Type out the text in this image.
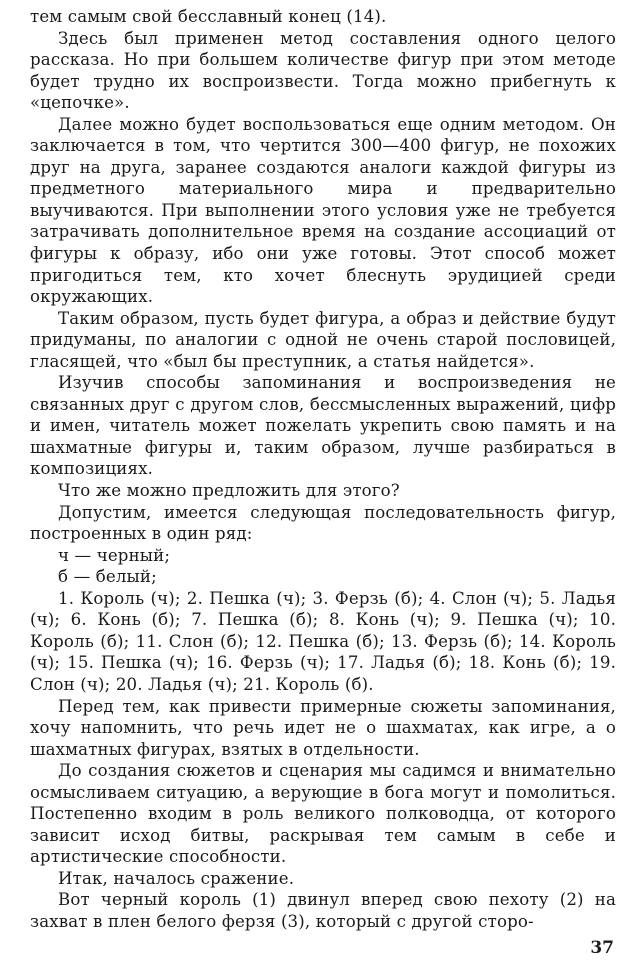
тем самым свой бесславный конец (14).

Здесь был применен метод составления одного целого рассказа. Но при большем количестве фигур при этом методе будет трудно их воспроизвести. Тогда можно прибегнуть к «цепочке».

Далее можно будет воспользоваться еще одним методом. Он заключается в том, что чертится 300—400 фигур, не похожих друг на друга, заранее создаются аналоги каждой фигуры из предметного материального мира и предварительно выучиваются. При выполнении этого условия уже не требуется затрачивать дополнительное время на создание ассоциаций от фигуры к образу, ибо они уже готовы. Этот способ может пригодиться тем, кто хочет блеснуть эрудицией среди окружающих.

Таким образом, пусть будет фигура, а образ и действие будут придуманы, по аналогии с одной не очень старой пословицей, гласящей, что «был бы преступник, а статья найдется».

Изучив способы запоминания и воспроизведения не связанных друг с другом слов, бессмысленных выражений, цифр и имен, читатель может пожелать укрепить свою память и на шахматные фигуры и, таким образом, лучше разбираться в композициях.

Что же можно предложить для этого?

Допустим, имеется следующая последовательность фигур, построенных в один ряд:

ч — черный;

б — белый;

1. Король (ч); 2. Пешка (ч); 3. Ферзь (б); 4. Слон (ч); 5. Ладья (ч); 6. Конь (б); 7. Пешка (б); 8. Конь (ч); 9. Пешка (ч); 10. Король (б); 11. Слон (б); 12. Пешка (б); 13. Ферзь (б); 14. Король (ч); 15. Пешка (ч); 16. Ферзь (ч); 17. Ладья (б); 18. Конь (б); 19. Слон (ч); 20. Ладья (ч); 21. Король (б).

Перед тем, как привести примерные сюжеты запоминания, хочу напомнить, что речь идет не о шахматах, как игре, а о шахматных фигурах, взятых в отдельности.

До создания сюжетов и сценария мы садимся и внимательно осмысливаем ситуацию, а верующие в бога могут и помолиться. Постепенно входим в роль великого полководца, от которого зависит исход битвы, раскрывая тем самым в себе и артистические способности.

Итак, началось сражение.

Вот черный король (1) двинул вперед свою пехоту (2) на захват в плен белого ферзя (3), который с другой сторо-

37
